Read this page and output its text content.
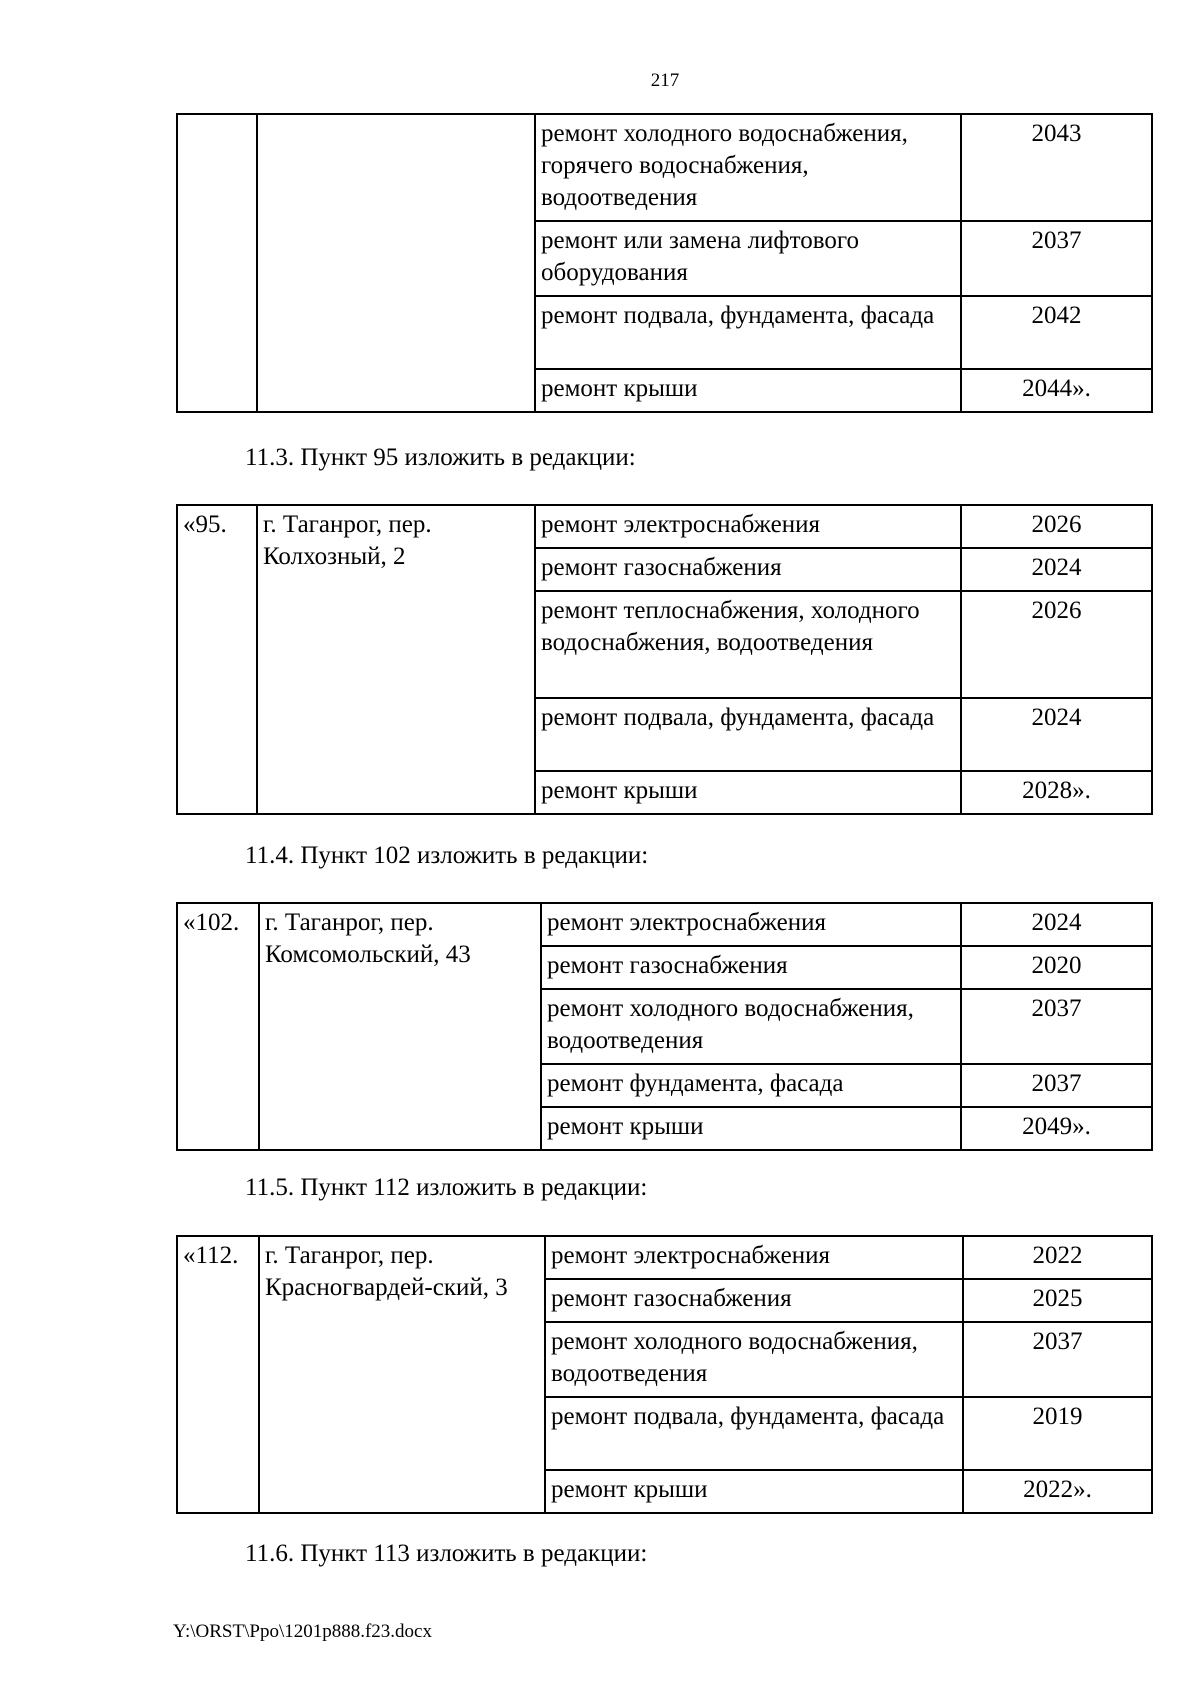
217
		ремонт холодного водоснабжения, горячего водоснабжения, водоотведения	2043
		ремонт или замена лифтового оборудования	2037
		ремонт подвала, фундамента, фасада	2042
		ремонт крыши	2044».
11.3. Пункт 95 изложить в редакции:
«95.	г. Таганрог, пер. Колхозный, 2	ремонт электроснабжения	2026
		ремонт газоснабжения	2024
		ремонт теплоснабжения, холодного водоснабжения, водоотведения	2026
		ремонт подвала, фундамента, фасада	2024
		ремонт крыши	2028».
11.4. Пункт 102 изложить в редакции:
«102.	г. Таганрог, пер. Комсомольский, 43	ремонт электроснабжения	2024
		ремонт газоснабжения	2020
		ремонт холодного водоснабжения, водоотведения	2037
		ремонт фундамента, фасада	2037
		ремонт крыши	2049».
11.5. Пункт 112 изложить в редакции:
«112.	г. Таганрог, пер. Красногвардей-ский, 3	ремонт электроснабжения	2022
		ремонт газоснабжения	2025
		ремонт холодного водоснабжения, водоотведения	2037
		ремонт подвала, фундамента, фасада	2019
		ремонт крыши	2022».
11.6. Пункт 113 изложить в редакции:
Y:\ORST\Ppo\1201p888.f23.docx
